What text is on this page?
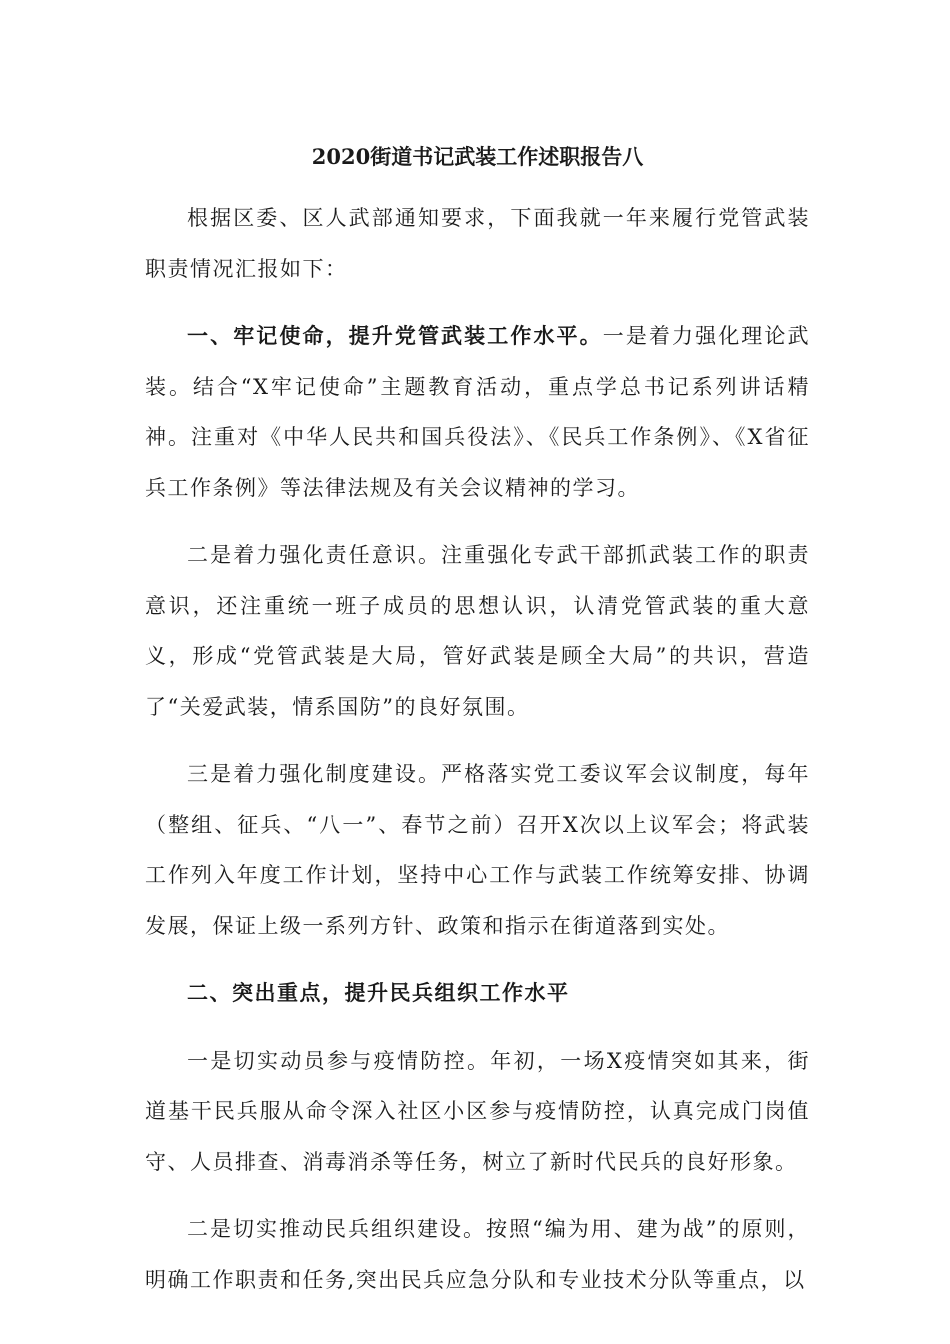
2020街道书记武装工作述职报告八

根据区委、区人武部通知要求，下面我就一年来履行党管武装职责情况汇报如下：

一、牢记使命，提升党管武装工作水平。一是着力强化理论武装。结合“X牢记使命”主题教育活动，重点学总书记系列讲话精神。注重对《中华人民共和国兵役法》、《民兵工作条例》、《X省征兵工作条例》等法律法规及有关会议精神的学习。

二是着力强化责任意识。注重强化专武干部抓武装工作的职责意识，还注重统一班子成员的思想认识，认清党管武装的重大意义，形成“党管武装是大局，管好武装是顾全大局”的共识，营造了“关爱武装，情系国防”的良好氛围。

三是着力强化制度建设。严格落实党工委议军会议制度，每年（整组、征兵、“八一”、春节之前）召开X次以上议军会；将武装工作列入年度工作计划，坚持中心工作与武装工作统筹安排、协调发展，保证上级一系列方针、政策和指示在街道落到实处。

二、突出重点，提升民兵组织工作水平

一是切实动员参与疫情防控。年初，一场X疫情突如其来，街道基干民兵服从命令深入社区小区参与疫情防控，认真完成门岗值守、人员排查、消毒消杀等任务，树立了新时代民兵的良好形象。

二是切实推动民兵组织建设。按照“编为用、建为战”的原则，明确工作职责和任务,突出民兵应急分队和专业技术分队等重点，以
